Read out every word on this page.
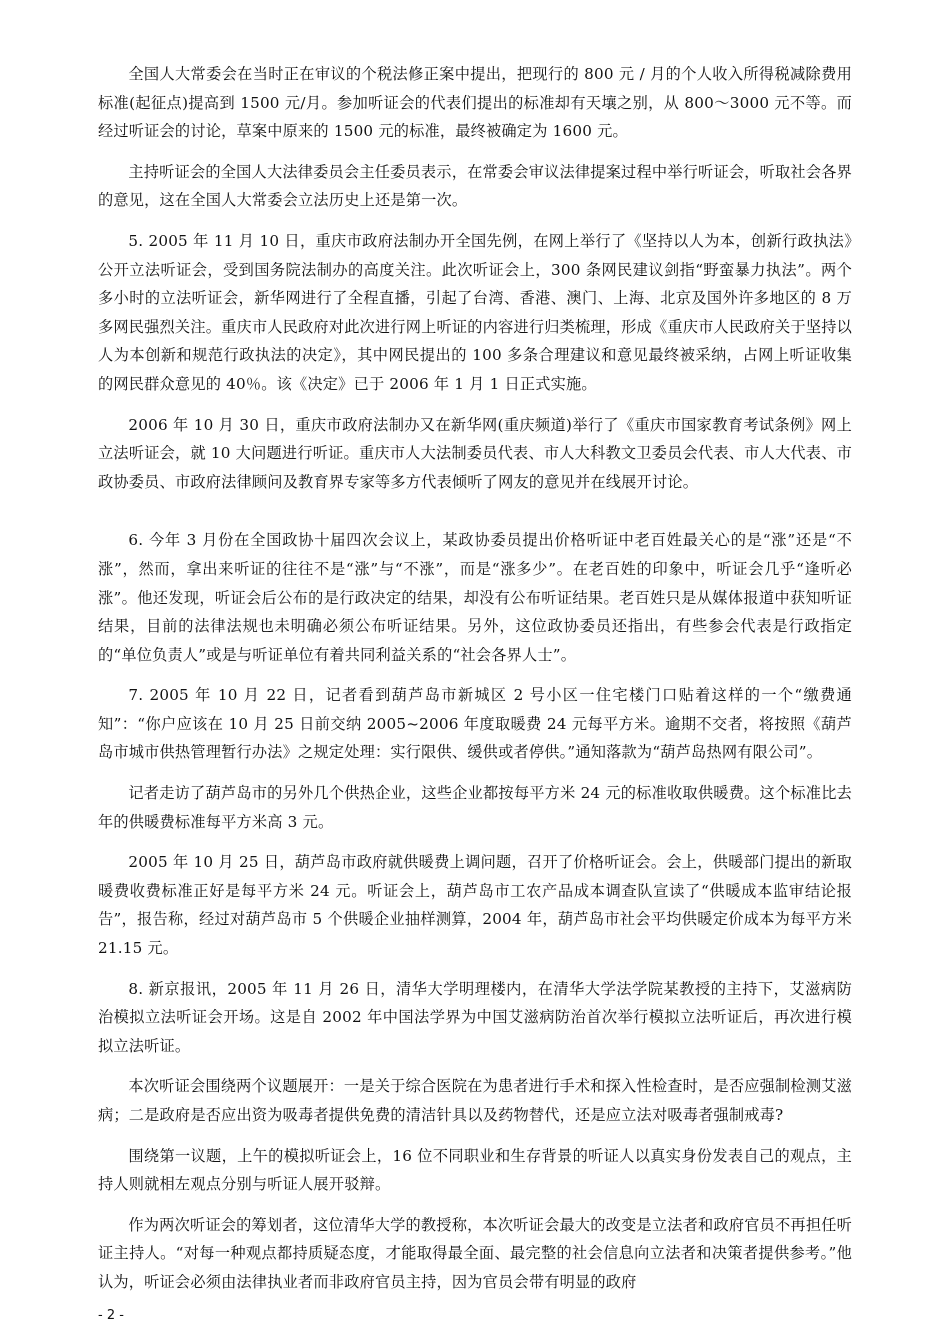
全国人大常委会在当时正在审议的个税法修正案中提出，把现行的 800 元 / 月的个人收入所得税减除费用标准(起征点)提高到 1500 元/月。参加听证会的代表们提出的标准却有天壤之别，从 800～3000 元不等。而经过听证会的讨论，草案中原来的 1500 元的标准，最终被确定为 1600 元。

主持听证会的全国人大法律委员会主任委员表示，在常委会审议法律提案过程中举行听证会，听取社会各界的意见，这在全国人大常委会立法历史上还是第一次。

5. 2005 年 11 月 10 日，重庆市政府法制办开全国先例，在网上举行了《坚持以人为本，创新行政执法》公开立法听证会，受到国务院法制办的高度关注。此次听证会上，300 条网民建议剑指“野蛮暴力执法”。两个多小时的立法听证会，新华网进行了全程直播，引起了台湾、香港、澳门、上海、北京及国外许多地区的 8 万多网民强烈关注。重庆市人民政府对此次进行网上听证的内容进行归类梳理，形成《重庆市人民政府关于坚持以人为本创新和规范行政执法的决定》，其中网民提出的 100 多条合理建议和意见最终被采纳，占网上听证收集的网民群众意见的 40％。该《决定》已于 2006 年 1 月 1 日正式实施。

2006 年 10 月 30 日，重庆市政府法制办又在新华网(重庆频道)举行了《重庆市国家教育考试条例》网上立法听证会，就 10 大问题进行听证。重庆市人大法制委员代表、市人大科教文卫委员会代表、市人大代表、市政协委员、市政府法律顾问及教育界专家等多方代表倾听了网友的意见并在线展开讨论。

6. 今年 3 月份在全国政协十届四次会议上，某政协委员提出价格听证中老百姓最关心的是“涨”还是“不涨”，然而，拿出来听证的往往不是“涨”与“不涨”，而是“涨多少”。在老百姓的印象中，听证会几乎“逢听必涨”。他还发现，听证会后公布的是行政决定的结果，却没有公布听证结果。老百姓只是从媒体报道中获知听证结果，目前的法律法规也未明确必须公布听证结果。另外，这位政协委员还指出，有些参会代表是行政指定的“单位负责人”或是与听证单位有着共同利益关系的“社会各界人士”。

7. 2005 年 10 月 22 日，记者看到葫芦岛市新城区 2 号小区一住宅楼门口贴着这样的一个“缴费通知”：“你户应该在 10 月 25 日前交纳 2005~2006 年度取暖费 24 元每平方米。逾期不交者，将按照《葫芦岛市城市供热管理暂行办法》之规定处理：实行限供、缓供或者停供。”通知落款为“葫芦岛热网有限公司”。

记者走访了葫芦岛市的另外几个供热企业，这些企业都按每平方米 24 元的标准收取供暖费。这个标准比去年的供暖费标准每平方米高 3 元。

2005 年 10 月 25 日，葫芦岛市政府就供暖费上调问题，召开了价格听证会。会上，供暖部门提出的新取暖费收费标准正好是每平方米 24 元。听证会上，葫芦岛市工农产品成本调查队宣读了“供暖成本监审结论报告”，报告称，经过对葫芦岛市 5 个供暖企业抽样测算，2004 年，葫芦岛市社会平均供暖定价成本为每平方米 21.15 元。

8. 新京报讯，2005 年 11 月 26 日，清华大学明理楼内，在清华大学法学院某教授的主持下，艾滋病防治模拟立法听证会开场。这是自 2002 年中国法学界为中国艾滋病防治首次举行模拟立法听证后，再次进行模拟立法听证。

本次听证会围绕两个议题展开：一是关于综合医院在为患者进行手术和探入性检查时，是否应强制检测艾滋病；二是政府是否应出资为吸毒者提供免费的清洁针具以及药物替代，还是应立法对吸毒者强制戒毒?

围绕第一议题，上午的模拟听证会上，16 位不同职业和生存背景的听证人以真实身份发表自己的观点，主持人则就相左观点分别与听证人展开驳辩。

作为两次听证会的筹划者，这位清华大学的教授称，本次听证会最大的改变是立法者和政府官员不再担任听证主持人。“对每一种观点都持质疑态度，才能取得最全面、最完整的社会信息向立法者和决策者提供参考。”他认为，听证会必须由法律执业者而非政府官员主持，因为官员会带有明显的政府

- 2 -
